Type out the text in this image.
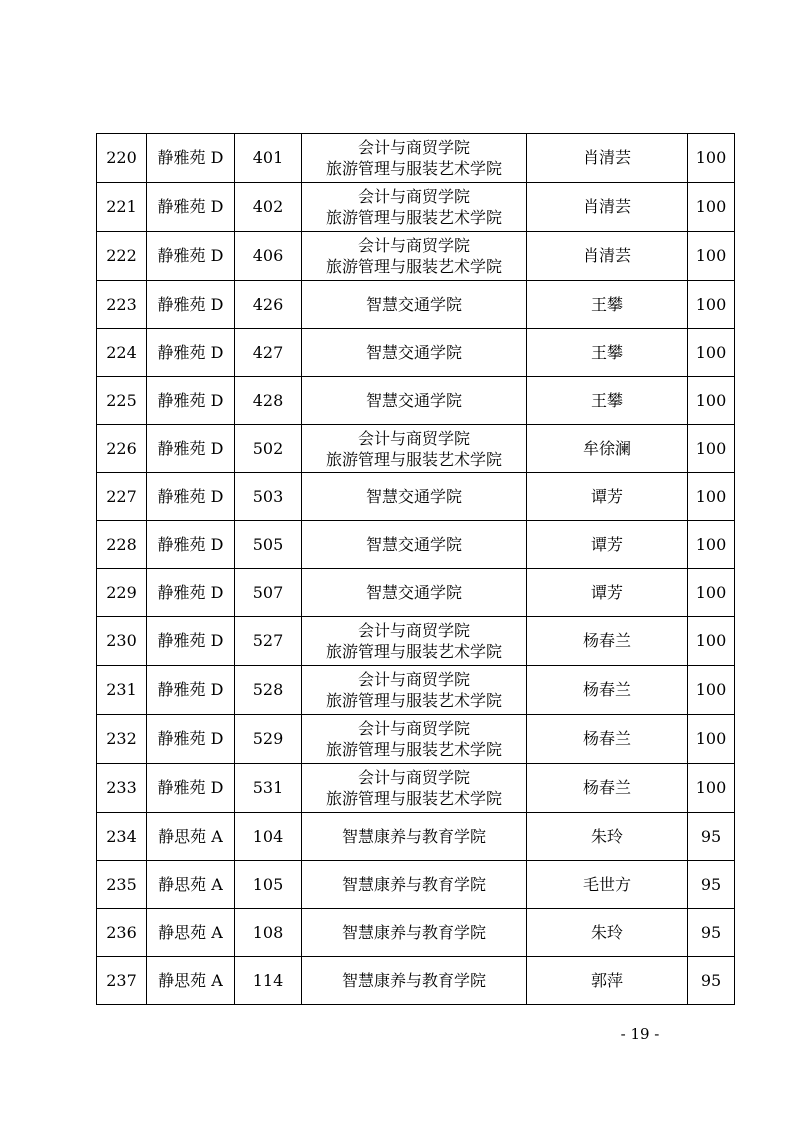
220	静雅苑 D	401	会计与商贸学院
旅游管理与服装艺术学院	肖清芸	100
221	静雅苑 D	402	会计与商贸学院
旅游管理与服装艺术学院	肖清芸	100
222	静雅苑 D	406	会计与商贸学院
旅游管理与服装艺术学院	肖清芸	100
223	静雅苑 D	426	智慧交通学院	王攀	100
224	静雅苑 D	427	智慧交通学院	王攀	100
225	静雅苑 D	428	智慧交通学院	王攀	100
226	静雅苑 D	502	会计与商贸学院
旅游管理与服装艺术学院	牟徐澜	100
227	静雅苑 D	503	智慧交通学院	谭芳	100
228	静雅苑 D	505	智慧交通学院	谭芳	100
229	静雅苑 D	507	智慧交通学院	谭芳	100
230	静雅苑 D	527	会计与商贸学院
旅游管理与服装艺术学院	杨春兰	100
231	静雅苑 D	528	会计与商贸学院
旅游管理与服装艺术学院	杨春兰	100
232	静雅苑 D	529	会计与商贸学院
旅游管理与服装艺术学院	杨春兰	100
233	静雅苑 D	531	会计与商贸学院
旅游管理与服装艺术学院	杨春兰	100
234	静思苑 A	104	智慧康养与教育学院	朱玲	95
235	静思苑 A	105	智慧康养与教育学院	毛世方	95
236	静思苑 A	108	智慧康养与教育学院	朱玲	95
237	静思苑 A	114	智慧康养与教育学院	郭萍	95
- 19 -
